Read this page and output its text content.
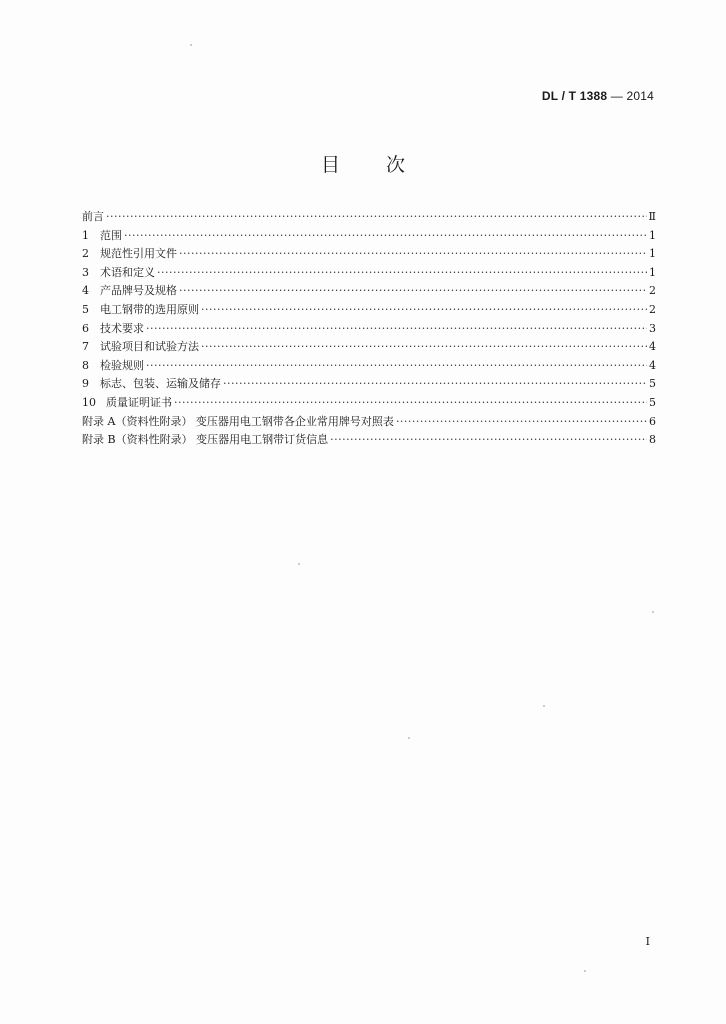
DL / T 1388 — 2014
目次
前言 ·····	Ⅱ
1	范围 ·····	1
2	规范性引用文件 ·····	1
3	术语和定义 ·····	1
4	产品牌号及规格 ·····	2
5	电工钢带的选用原则 ·····	2
6	技术要求 ·····	3
7	试验项目和试验方法 ·····	4
8	检验规则 ·····	4
9	标志、包装、运输及储存 ·····	5
10 质量证明证书 ·····	5
附录 A（资料性附录） 变压器用电工钢带各企业常用牌号对照表 ·····	6
附录 B（资料性附录） 变压器用电工钢带订货信息 ·····	8
I
